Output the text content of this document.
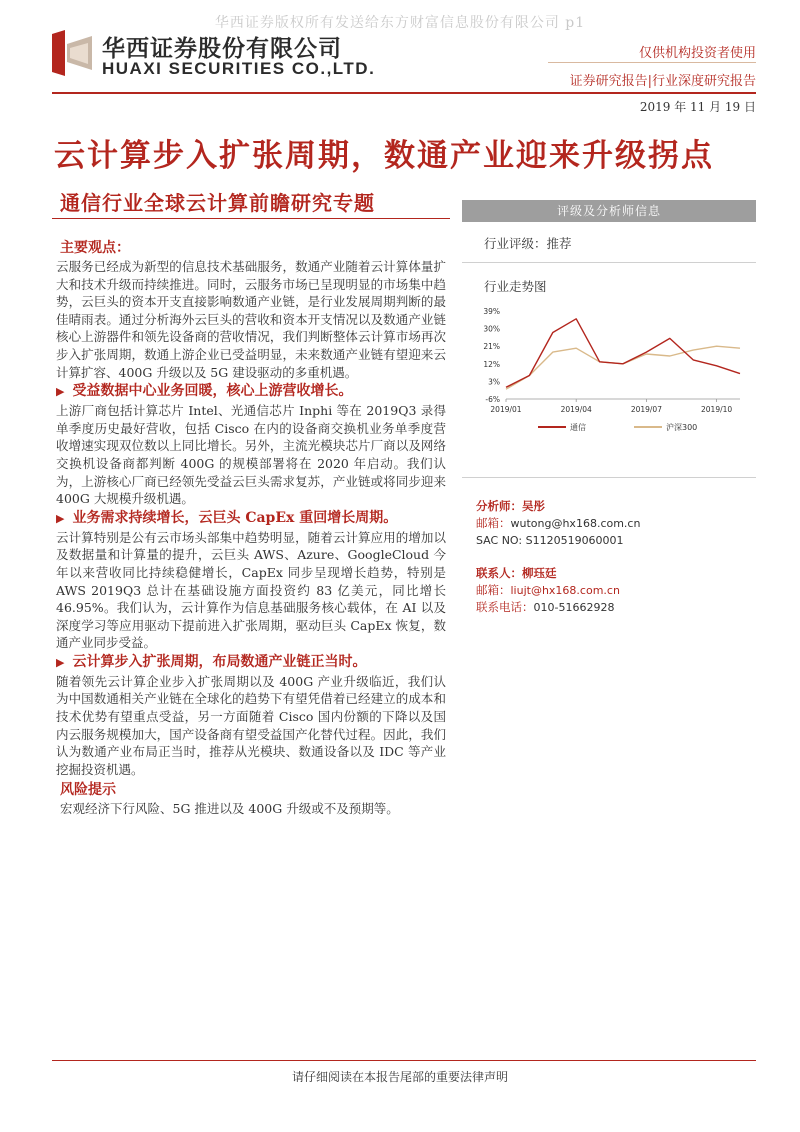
华西证券版权所有发送给东方财富信息股份有限公司 p1
华西证券股份有限公司
HUAXI SECURITIES CO.,LTD.
仅供机构投资者使用
证券研究报告|行业深度研究报告
2019 年 11 月 19 日
云计算步入扩张周期，数通产业迎来升级拐点
通信行业全球云计算前瞻研究专题
主要观点：

云服务已经成为新型的信息技术基础服务，数通产业随着云计算体量扩大和技术升级而持续推进。同时，云服务市场已呈现明显的市场集中趋势，云巨头的资本开支直接影响数通产业链，是行业发展周期判断的最佳晴雨表。通过分析海外云巨头的营收和资本开支情况以及数通产业链核心上游器件和领先设备商的营收情况，我们判断整体云计算市场再次步入扩张周期，数通上游企业已受益明显，未来数通产业链有望迎来云计算扩容、400G 升级以及 5G 建设驱动的多重机遇。

▶ 受益数据中心业务回暖，核心上游营收增长。

上游厂商包括计算芯片 Intel、光通信芯片 Inphi 等在 2019Q3 录得单季度历史最好营收，包括 Cisco 在内的设备商交换机业务单季度营收增速实现双位数以上同比增长。另外，主流光模块芯片厂商以及网络交换机设备商都判断 400G 的规模部署将在 2020 年启动。我们认为，上游核心厂商已经领先受益云巨头需求复苏，产业链或将同步迎来 400G 大规模升级机遇。

▶ 业务需求持续增长，云巨头 CapEx 重回增长周期。

云计算特别是公有云市场头部集中趋势明显，随着云计算应用的增加以及数据量和计算量的提升，云巨头 AWS、Azure、GoogleCloud 今年以来营收同比持续稳健增长，CapEx 同步呈现增长趋势，特别是 AWS 2019Q3 总计在基础设施方面投资约 83 亿美元，同比增长 46.95%。我们认为，云计算作为信息基础服务核心载体，在 AI 以及深度学习等应用驱动下提前进入扩张周期，驱动巨头 CapEx 恢复，数通产业同步受益。

▶ 云计算步入扩张周期，布局数通产业链正当时。

随着领先云计算企业步入扩张周期以及 400G 产业升级临近，我们认为中国数通相关产业链在全球化的趋势下有望凭借着已经建立的成本和技术优势有望重点受益，另一方面随着 Cisco 国内份额的下降以及国内云服务规模加大，国产设备商有望受益国产化替代过程。因此，我们认为数通产业布局正当时，推荐从光模块、数通设备以及 IDC 等产业挖掘投资机遇。

风险提示

宏观经济下行风险、5G 推进以及 400G 升级或不及预期等。

评级及分析师信息
行业评级：推荐
行业走势图
39%
30%
21%
12%
3%
-6%
2019/01	2019/04	2019/07	2019/10
通信	沪深300
分析师：吴彤
邮箱：wutong@hx168.com.cn
SAC NO: S1120519060001
联系人：柳珏廷
邮箱：liujt@hx168.com.cn
联系电话：010-51662928
请仔细阅读在本报告尾部的重要法律声明
